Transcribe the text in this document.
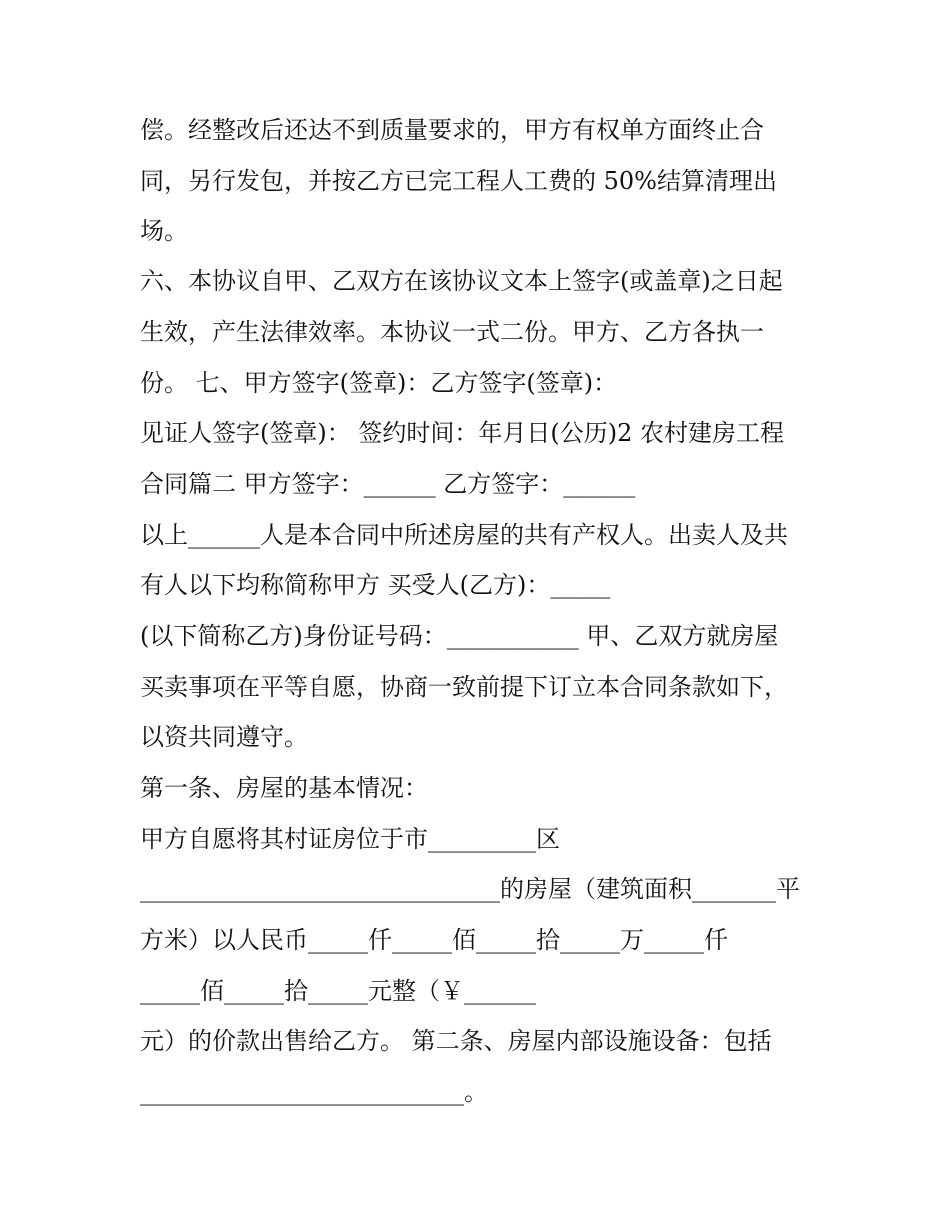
偿。经整改后还达不到质量要求的，甲方有权单方面终止合
同，另行发包，并按乙方已完工程人工费的 50%结算清理出
场。
六、本协议自甲、乙双方在该协议文本上签字(或盖章)之日起
生效，产生法律效率。本协议一式二份。甲方、乙方各执一
份。 七、甲方签字(签章)：乙方签字(签章)：
见证人签字(签章)： 签约时间：年月日(公历)2 农村建房工程
合同篇二 甲方签字：______ 乙方签字：______
以上______人是本合同中所述房屋的共有产权人。出卖人及共
有人以下均称简称甲方 买受人(乙方)：_____
(以下简称乙方)身份证号码：___________ 甲、乙双方就房屋
买卖事项在平等自愿，协商一致前提下订立本合同条款如下，
以资共同遵守。
第一条、房屋的基本情况：
甲方自愿将其村证房位于市_________区
______________________________的房屋（建筑面积_______平
方米）以人民币_____仟_____佰_____拾_____万_____仟
_____佰_____拾_____元整（￥______
元）的价款出售给乙方。 第二条、房屋内部设施设备：包括
___________________________。
